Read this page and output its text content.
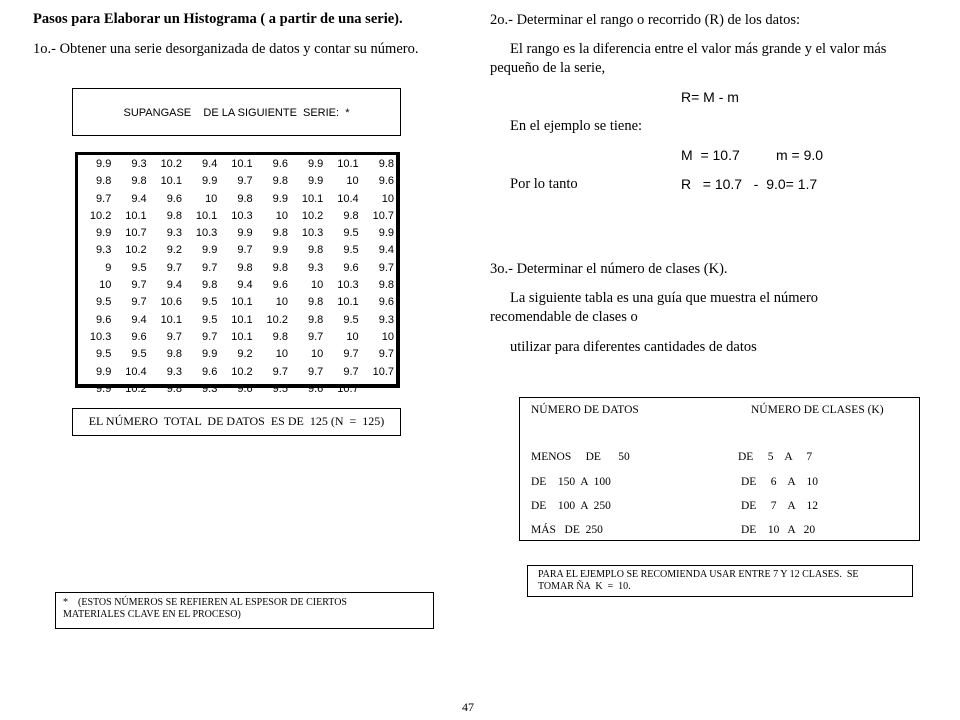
Pasos para Elaborar un Histograma ( a partir de una serie).
1o.- Obtener una serie desorganizada de datos y contar su número.
SUPANGASE    DE LA SIGUIENTE  SERIE:  *
9.9	9.3	10.2	9.4	10.1	9.6	9.9	10.1	9.8
9.8	9.8	10.1	9.9	9.7	9.8	9.9	10	9.6
9.7	9.4	9.6	10	9.8	9.9	10.1	10.4	10
10.2	10.1	9.8	10.1	10.3	10	10.2	9.8	10.7
9.9	10.7	9.3	10.3	9.9	9.8	10.3	9.5	9.9
9.3	10.2	9.2	9.9	9.7	9.9	9.8	9.5	9.4
9	9.5	9.7	9.7	9.8	9.8	9.3	9.6	9.7
10	9.7	9.4	9.8	9.4	9.6	10	10.3	9.8
9.5	9.7	10.6	9.5	10.1	10	9.8	10.1	9.6
9.6	9.4	10.1	9.5	10.1	10.2	9.8	9.5	9.3
10.3	9.6	9.7	9.7	10.1	9.8	9.7	10	10
9.5	9.5	9.8	9.9	9.2	10	10	9.7	9.7
9.9	10.4	9.3	9.6	10.2	9.7	9.7	9.7	10.7
9.9	10.2	9.8	9.3	9.6	9.5	9.6	10.7	
EL NÚMERO  TOTAL  DE DATOS  ES DE  125 (N  =  125)
*    (ESTOS NÚMEROS SE REFIEREN AL ESPESOR DE CIERTOS
MATERIALES CLAVE EN EL PROCESO)
2o.- Determinar el rango o recorrido (R) de los datos:
El rango es la diferencia entre el valor más grande y el valor más
pequeño de la serie,
R= M - m
En el ejemplo se tiene:
M  = 10.7	m = 9.0
Por lo tanto	R   = 10.7   -  9.0= 1.7
3o.- Determinar el número de clases (K).
La siguiente tabla es una guía que muestra el número
recomendable de clases o
utilizar para diferentes cantidades de datos
NÚMERO DE DATOS	NÚMERO DE CLASES (K)
MENOS     DE      50	DE     5    A     7
DE    150  A  100	DE     6    A    10
DE    100  A  250	DE     7    A    12
MÁS   DE  250	DE    10   A   20
PARA EL EJEMPLO SE RECOMIENDA USAR ENTRE 7 Y 12 CLASES.  SE
TOMAR ÑA  K  =  10.
47
